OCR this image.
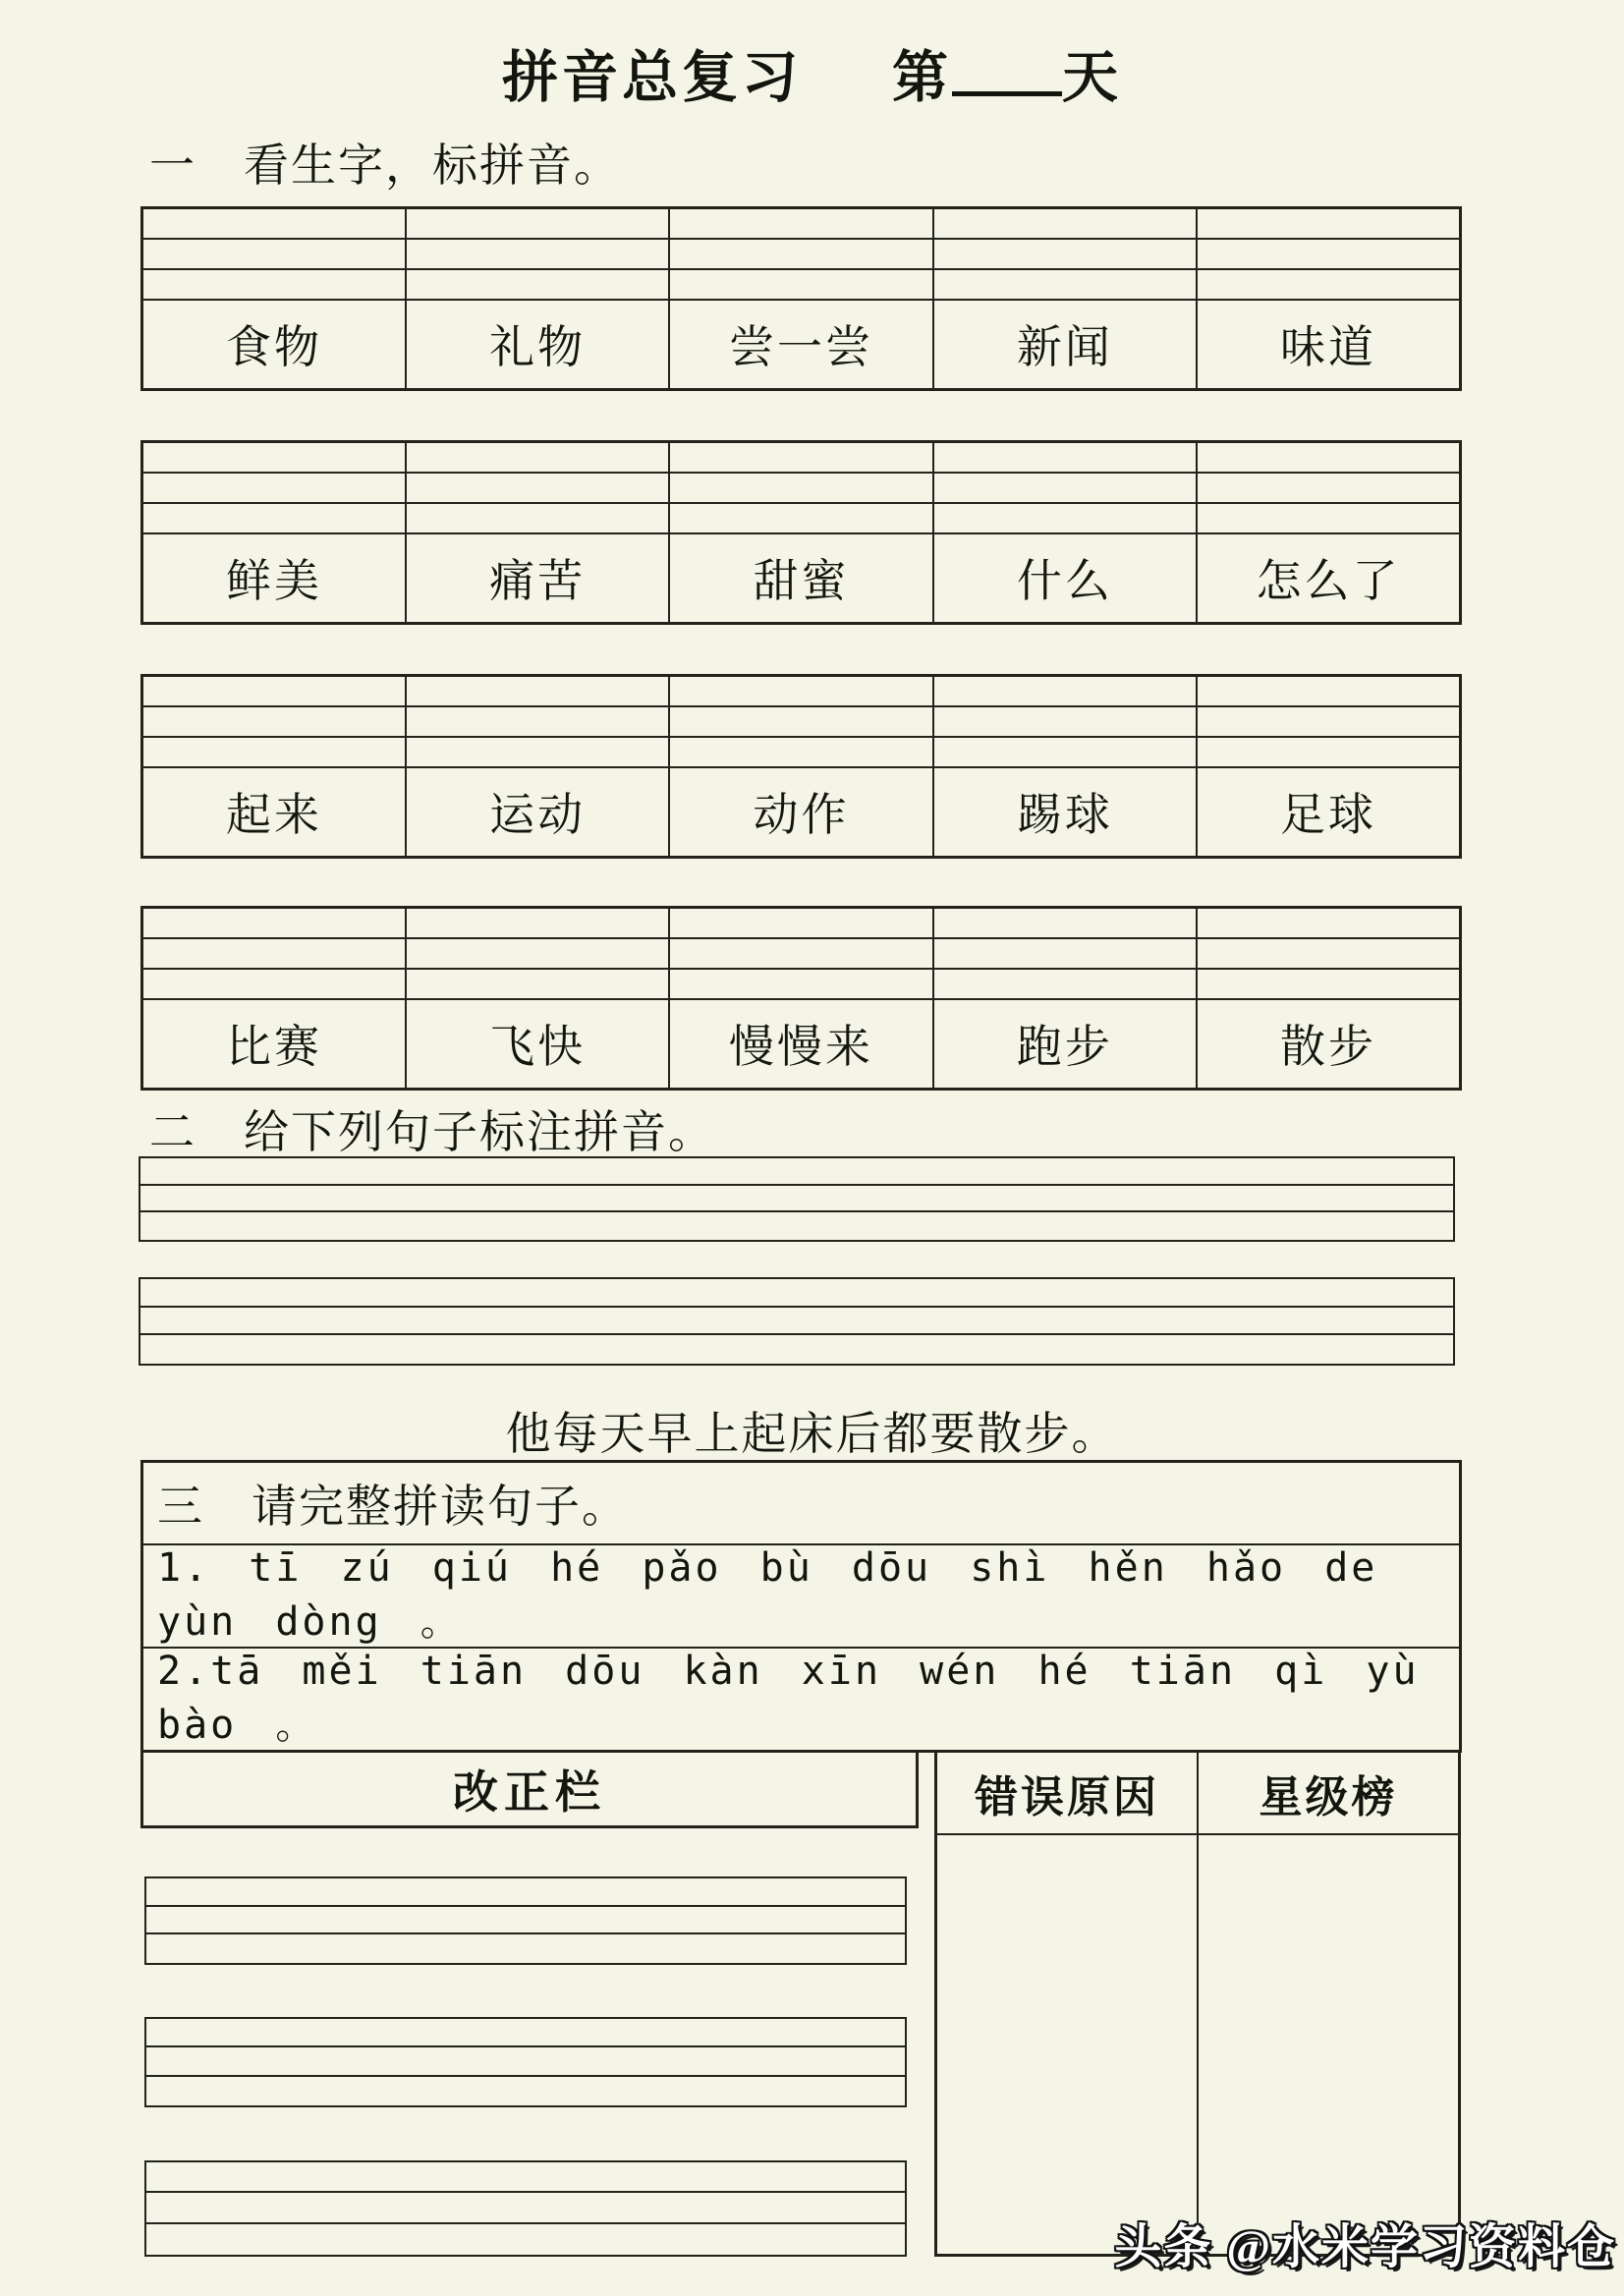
拼音总复习 第 天
一　看生字，标拼音。

食物	礼物	尝一尝	新闻	味道

鲜美	痛苦	甜蜜	什么	怎么了

起来	运动	动作	踢球	足球

比赛	飞快	慢慢来	跑步	散步
二　给下列句子标注拼音。
他每天早上起床后都要散步。
三　请完整拼读句子。
1. tī zú qiú hé pǎo bù dōu shì hěn hǎo de yùn dòng 。
2.tā měi tiān dōu kàn xīn wén hé tiān qì yù bào 。
改正栏	错误原因	星级榜

头条 @水米学习资料仓
